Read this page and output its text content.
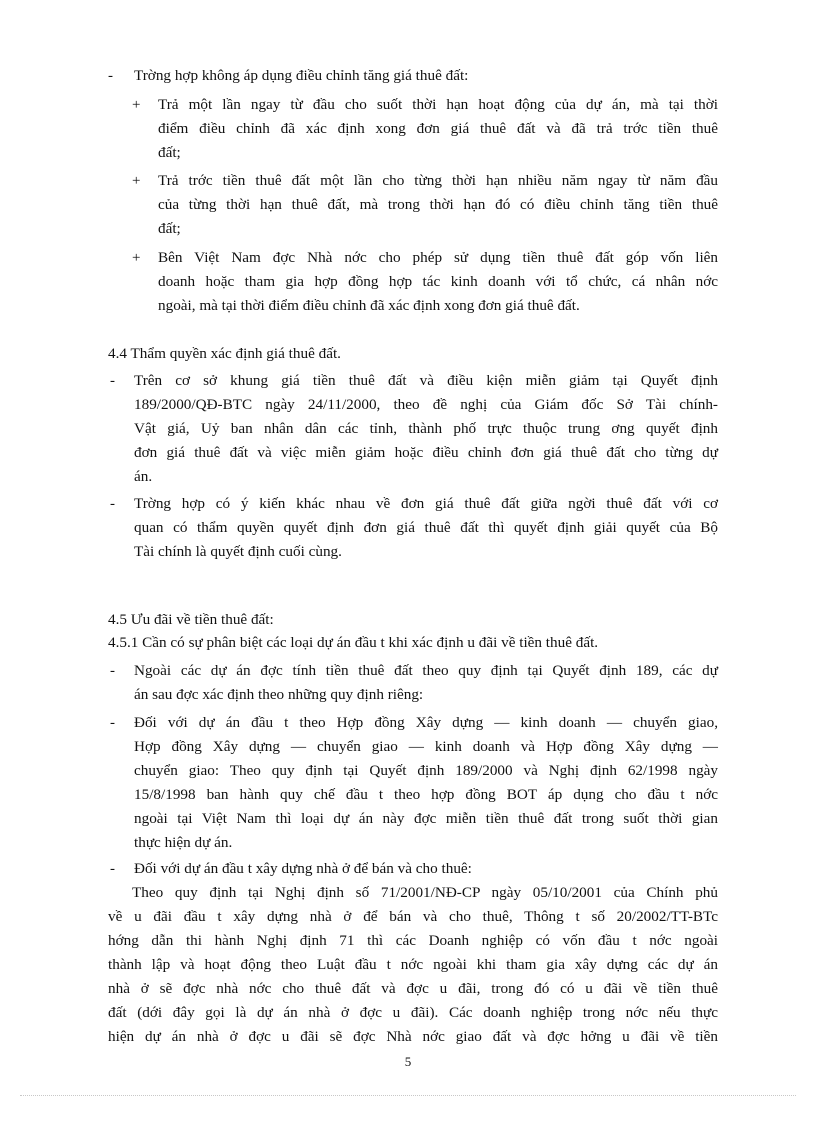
- Trờng hợp không áp dụng điều chỉnh tăng giá thuê đất:
+ Trả một lần ngay từ đầu cho suốt thời hạn hoạt động của dự án, mà tại thời
điểm điều chỉnh đã xác định xong đơn giá thuê đất và đã trả trớc tiền thuê
đất;
+ Trả trớc tiền thuê đất một lần cho từng thời hạn nhiều năm ngay từ năm đầu
của từng thời hạn thuê đất, mà trong thời hạn đó có điều chỉnh tăng tiền thuê
đất;
+ Bên Việt Nam đợc Nhà nớc cho phép sử dụng tiền thuê đất góp vốn liên
doanh hoặc tham gia hợp đồng hợp tác kinh doanh với tổ chức, cá nhân nớc
ngoài, mà tại thời điểm điều chỉnh đã xác định xong đơn giá thuê đất.
4.4 Thẩm quyền xác định giá thuê đất.
- Trên cơ sở khung giá tiền thuê đất và điều kiện miễn giảm tại Quyết định
189/2000/QĐ-BTC ngày 24/11/2000, theo đề nghị của Giám đốc Sở Tài chính-
Vật giá, Uỷ ban nhân dân các tỉnh, thành phố trực thuộc trung ơng quyết định
đơn giá thuê đất và việc miễn giảm hoặc điều chỉnh đơn giá thuê đất cho từng dự
án.
- Trờng hợp có ý kiến khác nhau về đơn giá thuê đất giữa ngời thuê đất với cơ
quan có thẩm quyền quyết định đơn giá thuê đất thì quyết định giải quyết của Bộ
Tài chính là quyết định cuối cùng.
4.5 Ưu đãi về tiền thuê đất:
4.5.1 Cần có sự phân biệt các loại dự án đầu t khi xác định u đãi về tiền thuê đất.
- Ngoài các dự án đợc tính tiền thuê đất theo quy định tại Quyết định 189, các dự
án sau đợc xác định theo những quy định riêng:
- Đối với dự án đầu t theo Hợp đồng Xây dựng — kinh doanh — chuyển giao,
Hợp đồng Xây dựng — chuyển giao — kinh doanh và Hợp đồng Xây dựng —
chuyển giao: Theo quy định tại Quyết định 189/2000 và Nghị định 62/1998 ngày
15/8/1998 ban hành quy chế đầu t theo hợp đồng BOT áp dụng cho đầu t nớc
ngoài tại Việt Nam thì loại dự án này đợc miễn tiền thuê đất trong suốt thời gian
thực hiện dự án.
- Đối với dự án đầu t xây dựng nhà ở để bán và cho thuê:
Theo quy định tại Nghị định số 71/2001/NĐ-CP ngày 05/10/2001 của Chính phủ
về u đãi đầu t xây dựng nhà ở để bán và cho thuê, Thông t số 20/2002/TT-BTc
hớng dẫn thi hành Nghị định 71 thì các Doanh nghiệp có vốn đầu t nớc ngoài
thành lập và hoạt động theo Luật đầu t nớc ngoài khi tham gia xây dựng các dự án
nhà ở sẽ đợc nhà nớc cho thuê đất và đợc u đãi, trong đó có u đãi về tiền thuê
đất (dới đây gọi là dự án nhà ở đợc u đãi). Các doanh nghiệp trong nớc nếu thực
hiện dự án nhà ở đợc u đãi sẽ đợc Nhà nớc giao đất và đợc hởng u đãi về tiền
5
